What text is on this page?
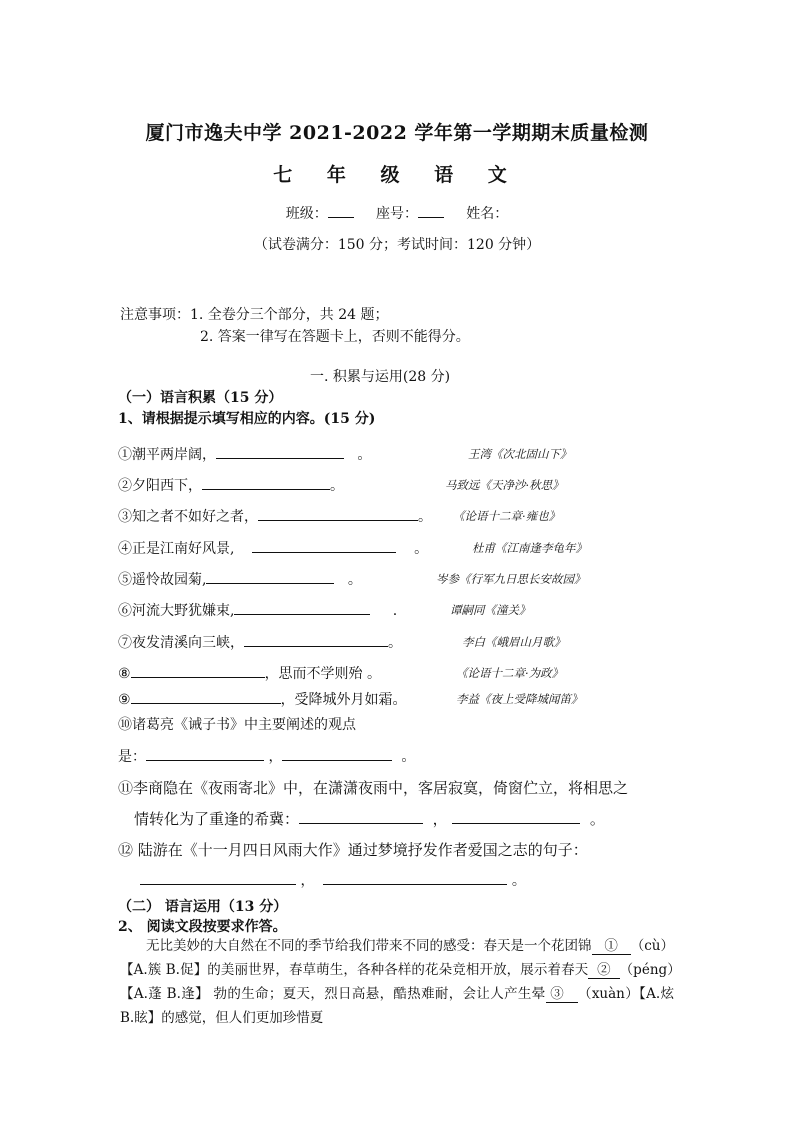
厦门市逸夫中学 2021-2022 学年第一学期期末质量检测
七 年 级 语 文
班级：	座号：	姓名：
（试卷满分：150 分；考试时间：120 分钟）
注意事项：1. 全卷分三个部分，共 24 题；
2. 答案一律写在答题卡上，否则不能得分。
一. 积累与运用(28 分)
（一）语言积累（15 分）
1、请根据提示填写相应的内容。(15 分)
①潮平两岸阔，	。	王湾《次北固山下》
②夕阳西下，	。	马致远《天净沙·秋思》
③知之者不如好之者，	。 《论语十二章·雍也》
④正是江南好风景,	。	杜甫《江南逢李龟年》
⑤遥怜故园菊,	。	岑参《行军九日思长安故园》
⑥河流大野犹嫌束,	.	谭嗣同《潼关》
⑦夜发清溪向三峡，	。	李白《峨眉山月歌》
⑧	，思而不学则殆 。	《论语十二章·为政》
⑨	，受降城外月如霜。	李益《夜上受降城闻笛》
⑩诸葛亮《诫子书》中主要阐述的观点
是：	，	。
⑪李商隐在《夜雨寄北》中，在潇潇夜雨中，客居寂寞，倚窗伫立，将相思之
情转化为了重逢的希冀：	，	。
⑫ 陆游在《十一月四日风雨大作》通过梦境抒发作者爱国之志的句子：
，	。
（二） 语言运用（13 分）
2、 阅读文段按要求作答。
无比美妙的大自然在不同的季节给我们带来不同的感受：春天是一个花团锦 ① （cù）【A.簇 B.促】的美丽世界，春草萌生，各种各样的花朵竞相开放，展示着春天 ② （péng）【A.蓬 B.逢】 勃的生命；夏天，烈日高悬，酷热难耐，会让人产生晕 ③ （xuàn）【A.炫 B.眩】的感觉，但人们更加珍惜夏
